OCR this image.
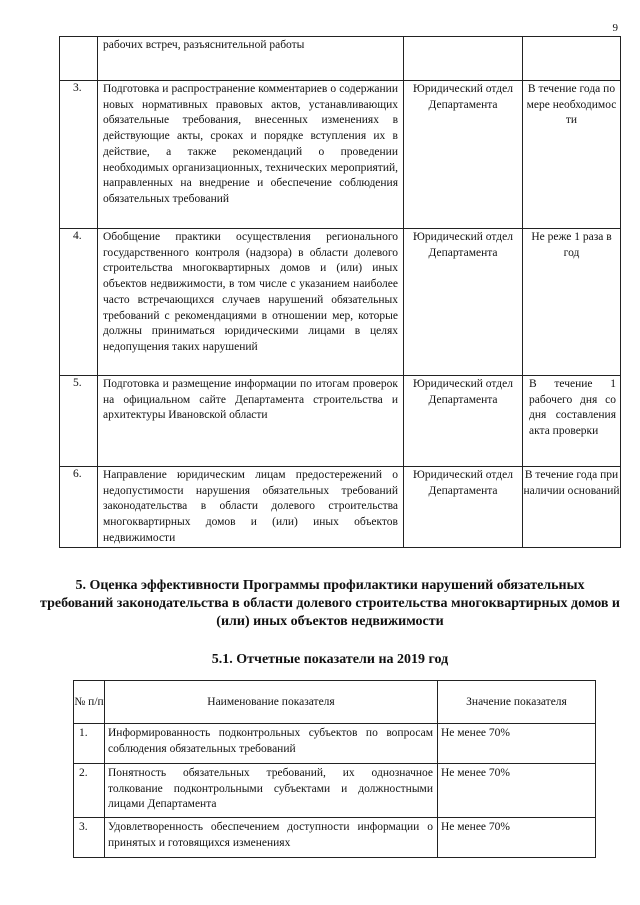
9
	рабочих встреч, разъяснительной работы		
3.	Подготовка и распространение комментариев о содержании новых нормативных правовых актов, устанавливающих обязательные требования, внесенных изменениях в действующие акты, сроках и порядке вступления их в действие, а также рекомендаций о проведении необходимых организационных, технических мероприятий, направленных на внедрение и обеспечение соблюдения обязательных требований	Юридический отдел Департамента	В течение года по мере необходимос ти
4.	Обобщение практики осуществления регионального государственного контроля (надзора) в области долевого строительства многоквартирных домов и (или) иных объектов недвижимости, в том числе с указанием наиболее часто встречающихся случаев нарушений обязательных требований с рекомендациями в отношении мер, которые должны приниматься юридическими лицами в целях недопущения таких нарушений	Юридический отдел Департамента	Не реже 1 раза в год
5.	Подготовка и размещение информации по итогам проверок на официальном сайте Департамента строительства и архитектуры Ивановской области	Юридический отдел Департамента	В течение 1 рабочего дня со дня составления акта проверки

6.	Направление юридическим лицам предостережений о недопустимости нарушения обязательных требований законодательства в области долевого строительства многоквартирных домов и (или) иных объектов недвижимости	Юридический отдел Департамента	В течение года при наличии оснований
5. Оценка эффективности Программы профилактики нарушений обязательных требований законодательства в области долевого строительства многоквартирных домов и (или) иных объектов недвижимости
5.1. Отчетные показатели на 2019 год
№ п/п	Наименование показателя	Значение показателя
1.	Информированность подконтрольных субъектов по вопросам соблюдения обязательных требований	Не менее 70%
2.	Понятность обязательных требований, их однозначное толкование подконтрольными субъектами и должностными лицами Департамента	Не менее 70%
3.	Удовлетворенность обеспечением доступности информации о принятых и готовящихся изменениях	Не менее 70%
